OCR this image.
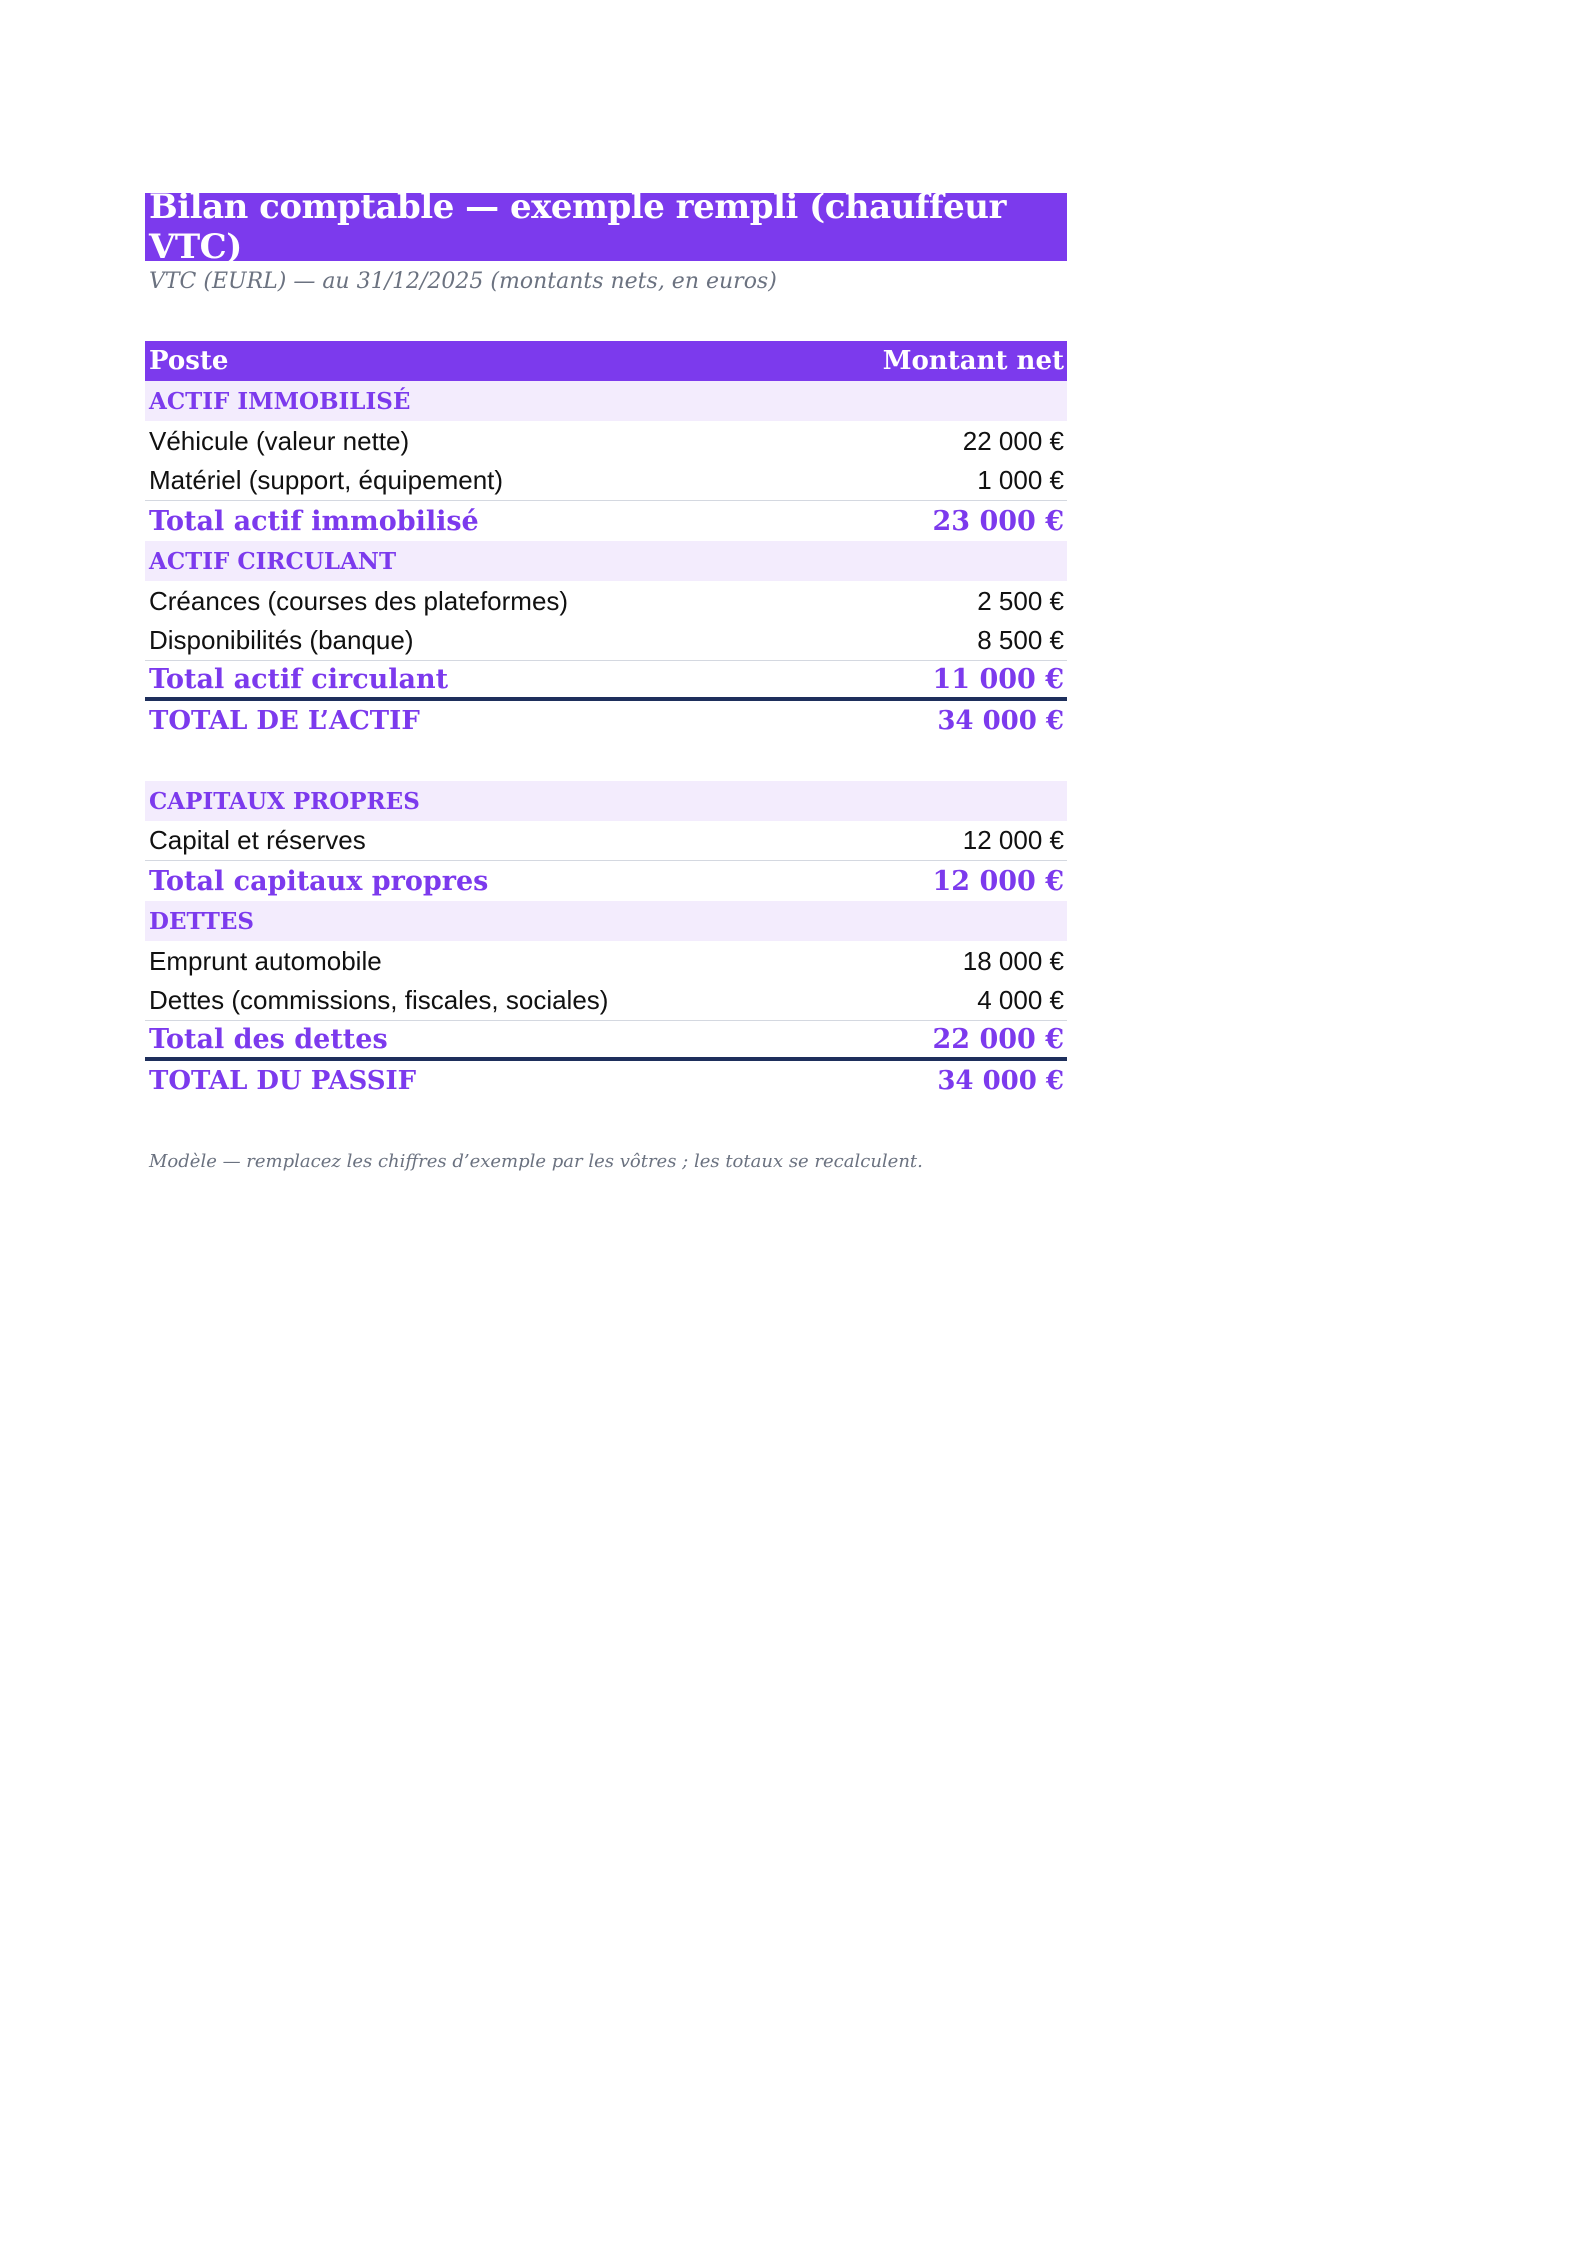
Bilan comptable — exemple rempli (chauffeur VTC)
VTC (EURL) — au 31/12/2025 (montants nets, en euros)
Poste	Montant net
ACTIF IMMOBILISÉ
Véhicule (valeur nette)	22 000 €
Matériel (support, équipement)	1 000 €
Total actif immobilisé	23 000 €
ACTIF CIRCULANT
Créances (courses des plateformes)	2 500 €
Disponibilités (banque)	8 500 €
Total actif circulant	11 000 €
TOTAL DE L’ACTIF	34 000 €
CAPITAUX PROPRES
Capital et réserves	12 000 €
Total capitaux propres	12 000 €
DETTES
Emprunt automobile	18 000 €
Dettes (commissions, fiscales, sociales)	4 000 €
Total des dettes	22 000 €
TOTAL DU PASSIF	34 000 €
Modèle — remplacez les chiffres d’exemple par les vôtres ; les totaux se recalculent.
